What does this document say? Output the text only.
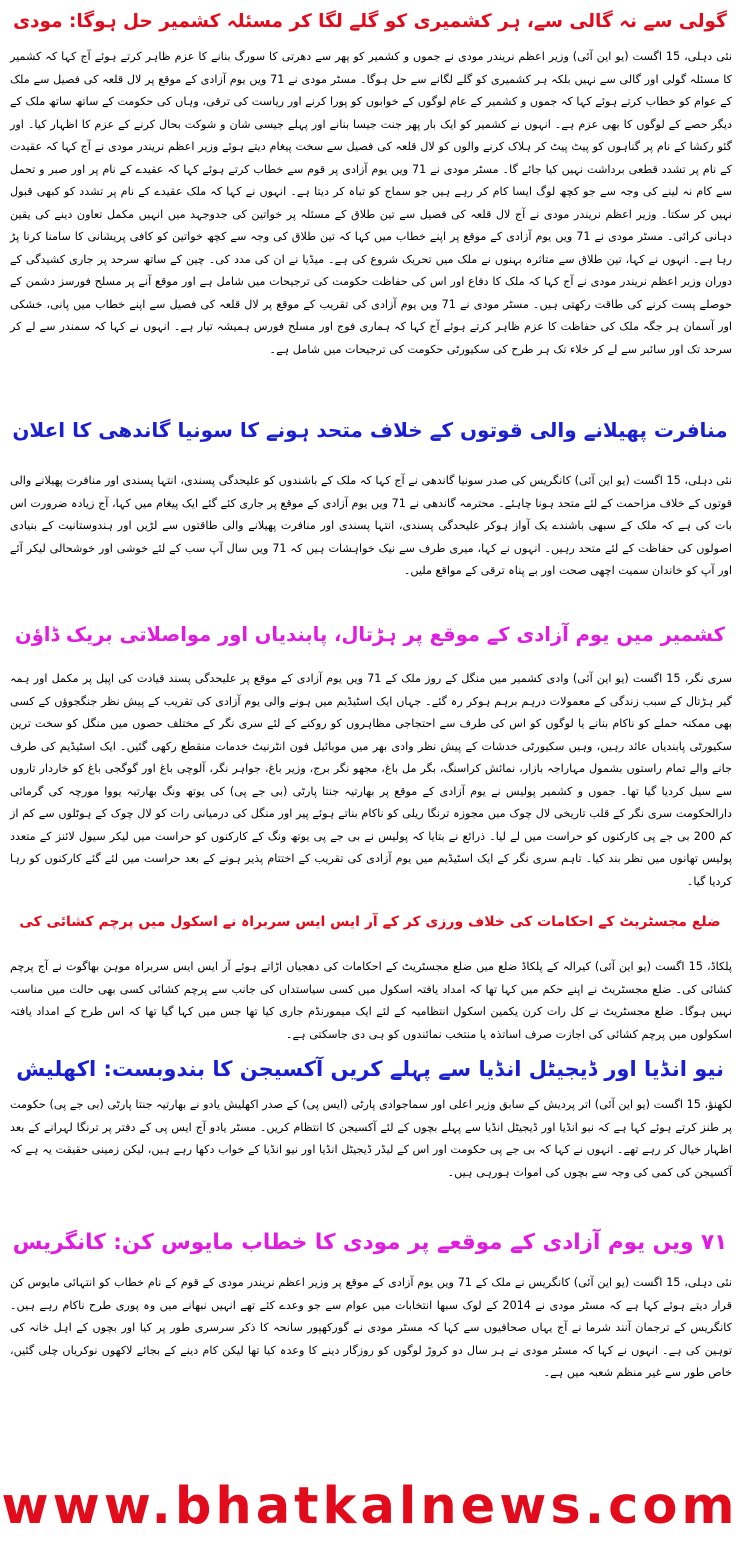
گولی سے نہ گالی سے، ہر کشمیری کو گلے لگا کر مسئلہ کشمیر حل ہوگا: مودی

نئی دہلی، 15 اگست (یو این آئی) وزیر اعظم نریندر مودی نے جموں و کشمیر کو پھر سے دھرتی کا سورگ بنانے کا عزم ظاہر کرتے ہوئے آج کہا کہ کشمیر کا مسئلہ گولی اور گالی سے نہیں بلکہ ہر کشمیری کو گلے لگانے سے حل ہوگا۔ مسٹر مودی نے 71 ویں یوم آزادی کے موقع پر لال قلعہ کی فصیل سے ملک کے عوام کو خطاب کرتے ہوئے کہا کہ جموں و کشمیر کے عام لوگوں کے خوابوں کو پورا کرنے اور ریاست کی ترقی، وہاں کی حکومت کے ساتھ ساتھ ملک کے دیگر حصے کے لوگوں کا بھی عزم ہے۔ انہوں نے کشمیر کو ایک بار پھر جنت جیسا بنانے اور پہلے جیسی شان و شوکت بحال کرنے کے عزم کا اظہار کیا۔ اور گئو رکشا کے نام پر گناہوں کو پیٹ پیٹ کر ہلاک کرنے والوں کو لال قلعہ کی فصیل سے سخت پیغام دیتے ہوئے وزیر اعظم نریندر مودی نے آج کہا کہ عقیدت کے نام پر تشدد قطعی برداشت نہیں کیا جائے گا۔ مسٹر مودی نے 71 ویں یوم آزادی پر قوم سے خطاب کرتے ہوئے کہا کہ عقیدے کے نام پر اور صبر و تحمل سے کام نہ لینے کی وجہ سے جو کچھ لوگ ایسا کام کر رہے ہیں جو سماج کو تباہ کر دیتا ہے۔ انہوں نے کہا کہ ملک عقیدے کے نام پر تشدد کو کبھی قبول نہیں کر سکتا۔ وزیر اعظم نریندر مودی نے آج لال قلعہ کی فصیل سے تین طلاق کے مسئلہ پر خواتین کی جدوجہد میں انہیں مکمل تعاون دینے کی یقین دہانی کرائی۔ مسٹر مودی نے 71 ویں یوم آزادی کے موقع پر اپنے خطاب میں کہا کہ تین طلاق کی وجہ سے کچھ خواتین کو کافی پریشانی کا سامنا کرنا پڑ رہا ہے۔ انہوں نے کہا، تین طلاق سے متاثرہ بہنوں نے ملک میں تحریک شروع کی ہے۔ میڈیا نے ان کی مدد کی۔ چین کے ساتھ سرحد پر جاری کشیدگی کے دوران وزیر اعظم نریندر مودی نے آج کہا کہ ملک کا دفاع اور اس کی حفاظت حکومت کی ترجیحات میں شامل ہے اور موقع آنے پر مسلح فورسز دشمن کے حوصلے پست کرنے کی طاقت رکھتی ہیں۔ مسٹر مودی نے 71 ویں یوم آزادی کی تقریب کے موقع پر لال قلعہ کی فصیل سے اپنے خطاب میں پانی، خشکی اور آسمان ہر جگہ ملک کی حفاظت کا عزم ظاہر کرتے ہوئے آج کہا کہ ہماری فوج اور مسلح فورس ہمیشہ تیار ہے۔ انہوں نے کہا کہ سمندر سے لے کر سرحد تک اور سائبر سے لے کر خلاء تک ہر طرح کی سکیورٹی حکومت کی ترجیحات میں شامل ہے۔

منافرت پھیلانے والی قوتوں کے خلاف متحد ہونے کا سونیا گاندھی کا اعلان

نئی دہلی، 15 اگست (یو این آئی) کانگریس کی صدر سونیا گاندھی نے آج کہا کہ ملک کے باشندوں کو علیحدگی پسندی، انتہا پسندی اور منافرت پھیلانے والی قوتوں کے خلاف مزاحمت کے لئے متحد ہونا چاہئے۔ محترمہ گاندھی نے 71 ویں یوم آزادی کے موقع پر جاری کئے گئے ایک پیغام میں کہا، آج زیادہ ضرورت اس بات کی ہے کہ ملک کے سبھی باشندے یک آواز ہوکر علیحدگی پسندی، انتہا پسندی اور منافرت پھیلانے والی طاقتوں سے لڑیں اور ہندوستانیت کے بنیادی اصولوں کی حفاظت کے لئے متحد رہیں۔ انہوں نے کہا، میری طرف سے نیک خواہشات ہیں کہ 71 ویں سال آپ سب کے لئے خوشی اور خوشحالی لیکر آئے اور آپ کو خاندان سمیت اچھی صحت اور بے پناہ ترقی کے مواقع ملیں۔

کشمیر میں یوم آزادی کے موقع پر ہڑتال، پابندیاں اور مواصلاتی بریک ڈاؤن

سری نگر، 15 اگست (یو این آئی) وادی کشمیر میں منگل کے روز ملک کے 71 ویں یوم آزادی کے موقع پر علیحدگی پسند قیادت کی اپیل پر مکمل اور ہمہ گیر ہڑتال کے سبب زندگی کے معمولات درہم برہم ہوکر رہ گئے۔ جہاں ایک اسٹیڈیم میں ہونے والی یوم آزادی کی تقریب کے پیش نظر جنگجوؤں کے کسی بھی ممکنہ حملے کو ناکام بنانے یا لوگوں کو اس کی طرف سے احتجاجی مظاہروں کو روکنے کے لئے سری نگر کے مختلف حصوں میں منگل کو سخت ترین سکیورٹی پابندیاں عائد رہیں، وہیں سکیورٹی خدشات کے پیش نظر وادی بھر میں موبائیل فون انٹرنیٹ خدمات منقطع رکھی گئیں۔ ایک اسٹیڈیم کی طرف جانے والے تمام راستوں بشمول مہاراجہ بازار، نمائش کراسنگ، بگر مل باغ، مجھو نگر برج، وزیر باغ، جواہر نگر، آلوچی باغ اور گوگجی باغ کو خاردار تاروں سے سیل کردیا گیا تھا۔ جموں و کشمیر پولیس نے یوم آزادی کے موقع پر بھارتیہ جنتا پارٹی (بی جے پی) کی یوتھ ونگ بھارتیہ یووا مورچہ کی گرمائی دارالحکومت سری نگر کے قلب تاریخی لال چوک میں مجوزہ ترنگا ریلی کو ناکام بناتے ہوئے پیر اور منگل کی درمیانی رات کو لال چوک کے ہوٹلوں سے کم از کم 200 بی جے پی کارکنوں کو حراست میں لے لیا۔ ذرائع نے بتایا کہ پولیس نے بی جے پی یوتھ ونگ کے کارکنوں کو حراست میں لیکر سیول لائنز کے متعدد پولیس تھانوں میں نظر بند کیا۔ تاہم سری نگر کے ایک اسٹیڈیم میں یوم آزادی کی تقریب کے اختتام پذیر ہونے کے بعد حراست میں لئے گئے کارکنوں کو رہا کردیا گیا۔

ضلع مجسٹریٹ کے احکامات کی خلاف ورزی کر کے آر ایس ایس سربراہ نے اسکول میں پرچم کشائی کی

پلکاڈ، 15 اگست (یو این آئی) کیرالہ کے پلکاڈ ضلع میں ضلع مجسٹریٹ کے احکامات کی دھجیاں اڑاتے ہوئے آر ایس ایس سربراہ موہن بھاگوت نے آج پرچم کشائی کی۔ ضلع مجسٹریٹ نے اپنے حکم میں کہا تھا کہ امداد یافتہ اسکول میں کسی سیاستداں کی جانب سے پرچم کشائی کسی بھی حالت میں مناسب نہیں ہوگا۔ ضلع مجسٹریٹ نے کل رات کرن یکمین اسکول انتظامیہ کے لئے ایک میمورنڈم جاری کیا تھا جس میں کہا گیا تھا کہ اس طرح کے امداد یافتہ اسکولوں میں پرچم کشائی کی اجازت صرف اساتذہ یا منتخب نمائندوں کو ہی دی جاسکتی ہے۔

نیو انڈیا اور ڈیجیٹل انڈیا سے پہلے کریں آکسیجن کا بندوبست: اکھلیش

لکھنؤ، 15 اگست (یو این آئی) اتر پردیش کے سابق وزیر اعلی اور سماجوادی پارٹی (ایس پی) کے صدر اکھلیش یادو نے بھارتیہ جنتا پارٹی (بی جے پی) حکومت پر طنز کرتے ہوئے کہا ہے کہ نیو انڈیا اور ڈیجیٹل انڈیا سے پہلے بچوں کے لئے آکسیجن کا انتظام کریں۔ مسٹر یادو آج ایس پی کے دفتر پر ترنگا لہرانے کے بعد اظہار خیال کر رہے تھے۔ انہوں نے کہا کہ بی جے پی حکومت اور اس کے لیڈر ڈیجیٹل انڈیا اور نیو انڈیا کے خواب دکھا رہے ہیں، لیکن زمینی حقیقت یہ ہے کہ آکسیجن کی کمی کی وجہ سے بچوں کی اموات ہورہی ہیں۔

۷۱ ویں یوم آزادی کے موقعے پر مودی کا خطاب مایوس کن: کانگریس

نئی دہلی، 15 اگست (یو این آئی) کانگریس نے ملک کے 71 ویں یوم آزادی کے موقع پر وزیر اعظم نریندر مودی کے قوم کے نام خطاب کو انتہائی مایوس کن قرار دیتے ہوئے کہا ہے کہ مسٹر مودی نے 2014 کے لوک سبھا انتخابات میں عوام سے جو وعدے کئے تھے انہیں نبھانے میں وہ پوری طرح ناکام رہے ہیں۔ کانگریس کے ترجمان آنند شرما نے آج یہاں صحافیوں سے کہا کہ مسٹر مودی نے گورکھپور سانحہ کا ذکر سرسری طور پر کیا اور بچوں کے اہل خانہ کی توہین کی ہے۔ انہوں نے کہا کہ مسٹر مودی نے ہر سال دو کروڑ لوگوں کو روزگار دینے کا وعدہ کیا تھا لیکن کام دینے کے بجائے لاکھوں نوکریاں چلی گئیں، خاص طور سے غیر منظم شعبہ میں ہے۔

www.bhatkalnews.com
